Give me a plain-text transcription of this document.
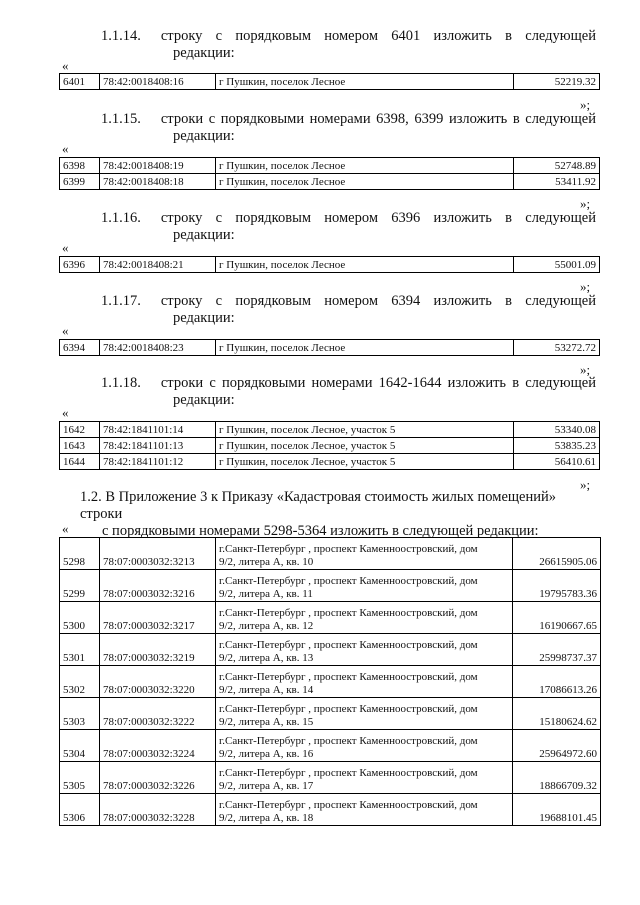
1.1.14. строку с порядковым номером 6401 изложить в следующей
редакции:
«
6401	78:42:0018408:16	г Пушкин, поселок Лесное	52219.32
»;
1.1.15. строки с порядковыми номерами 6398, 6399 изложить в следующей
редакции:
«
6398	78:42:0018408:19	г Пушкин, поселок Лесное	52748.89
6399	78:42:0018408:18	г Пушкин, поселок Лесное	53411.92
»;
1.1.16. строку с порядковым номером 6396 изложить в следующей
редакции:
«
6396	78:42:0018408:21	г Пушкин, поселок Лесное	55001.09
»;
1.1.17. строку с порядковым номером 6394 изложить в следующей
редакции:
«
6394	78:42:0018408:23	г Пушкин, поселок Лесное	53272.72
»;
1.1.18. строки с порядковыми номерами 1642-1644 изложить в следующей
редакции:
«
1642	78:42:1841101:14	г Пушкин, поселок Лесное, участок 5	53340.08
1643	78:42:1841101:13	г Пушкин, поселок Лесное, участок 5	53835.23
1644	78:42:1841101:12	г Пушкин, поселок Лесное, участок 5	56410.61
»;
1.2. В Приложение 3 к Приказу «Кадастровая стоимость жилых помещений» строки
с порядковыми номерами 5298-5364 изложить в следующей редакции:
«
5298	78:07:0003032:3213	г.Санкт-Петербург , проспект Каменноостровский, дом
9/2, литера А, кв. 10	26615905.06

5299	78:07:0003032:3216	г.Санкт-Петербург , проспект Каменноостровский, дом
9/2, литера А, кв. 11	19795783.36

5300	78:07:0003032:3217	г.Санкт-Петербург , проспект Каменноостровский, дом
9/2, литера А, кв. 12	16190667.65

5301	78:07:0003032:3219	г.Санкт-Петербург , проспект Каменноостровский, дом
9/2, литера А, кв. 13	25998737.37

5302	78:07:0003032:3220	г.Санкт-Петербург , проспект Каменноостровский, дом
9/2, литера А, кв. 14	17086613.26

5303	78:07:0003032:3222	г.Санкт-Петербург , проспект Каменноостровский, дом
9/2, литера А, кв. 15	15180624.62

5304	78:07:0003032:3224	г.Санкт-Петербург , проспект Каменноостровский, дом
9/2, литера А, кв. 16	25964972.60

5305	78:07:0003032:3226	г.Санкт-Петербург , проспект Каменноостровский, дом
9/2, литера А, кв. 17	18866709.32

5306	78:07:0003032:3228	г.Санкт-Петербург , проспект Каменноостровский, дом
9/2, литера А, кв. 18	19688101.45
